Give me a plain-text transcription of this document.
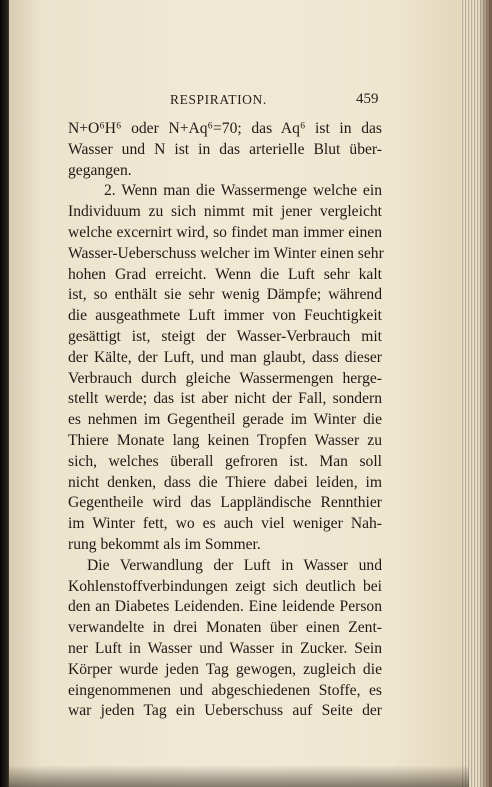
RESPIRATION.	459
N+O⁶H⁶ oder N+Aq⁶=70; das Aq⁶ ist in das
Wasser und N ist in das arterielle Blut über-
gegangen.
2. Wenn man die Wassermenge welche ein
Individuum zu sich nimmt mit jener vergleicht
welche excernirt wird, so findet man immer einen
Wasser-Ueberschuss welcher im Winter einen sehr
hohen Grad erreicht. Wenn die Luft sehr kalt
ist, so enthält sie sehr wenig Dämpfe; während
die ausgeathmete Luft immer von Feuchtigkeit
gesättigt ist, steigt der Wasser-Verbrauch mit
der Kälte, der Luft, und man glaubt, dass dieser
Verbrauch durch gleiche Wassermengen herge-
stellt werde; das ist aber nicht der Fall, sondern
es nehmen im Gegentheil gerade im Winter die
Thiere Monate lang keinen Tropfen Wasser zu
sich, welches überall gefroren ist. Man soll
nicht denken, dass die Thiere dabei leiden, im
Gegentheile wird das Lappländische Rennthier
im Winter fett, wo es auch viel weniger Nah-
rung bekommt als im Sommer.
Die Verwandlung der Luft in Wasser und
Kohlenstoffverbindungen zeigt sich deutlich bei
den an Diabetes Leidenden. Eine leidende Person
verwandelte in drei Monaten über einen Zent-
ner Luft in Wasser und Wasser in Zucker. Sein
Körper wurde jeden Tag gewogen, zugleich die
eingenommenen und abgeschiedenen Stoffe, es
war jeden Tag ein Ueberschuss auf Seite der
